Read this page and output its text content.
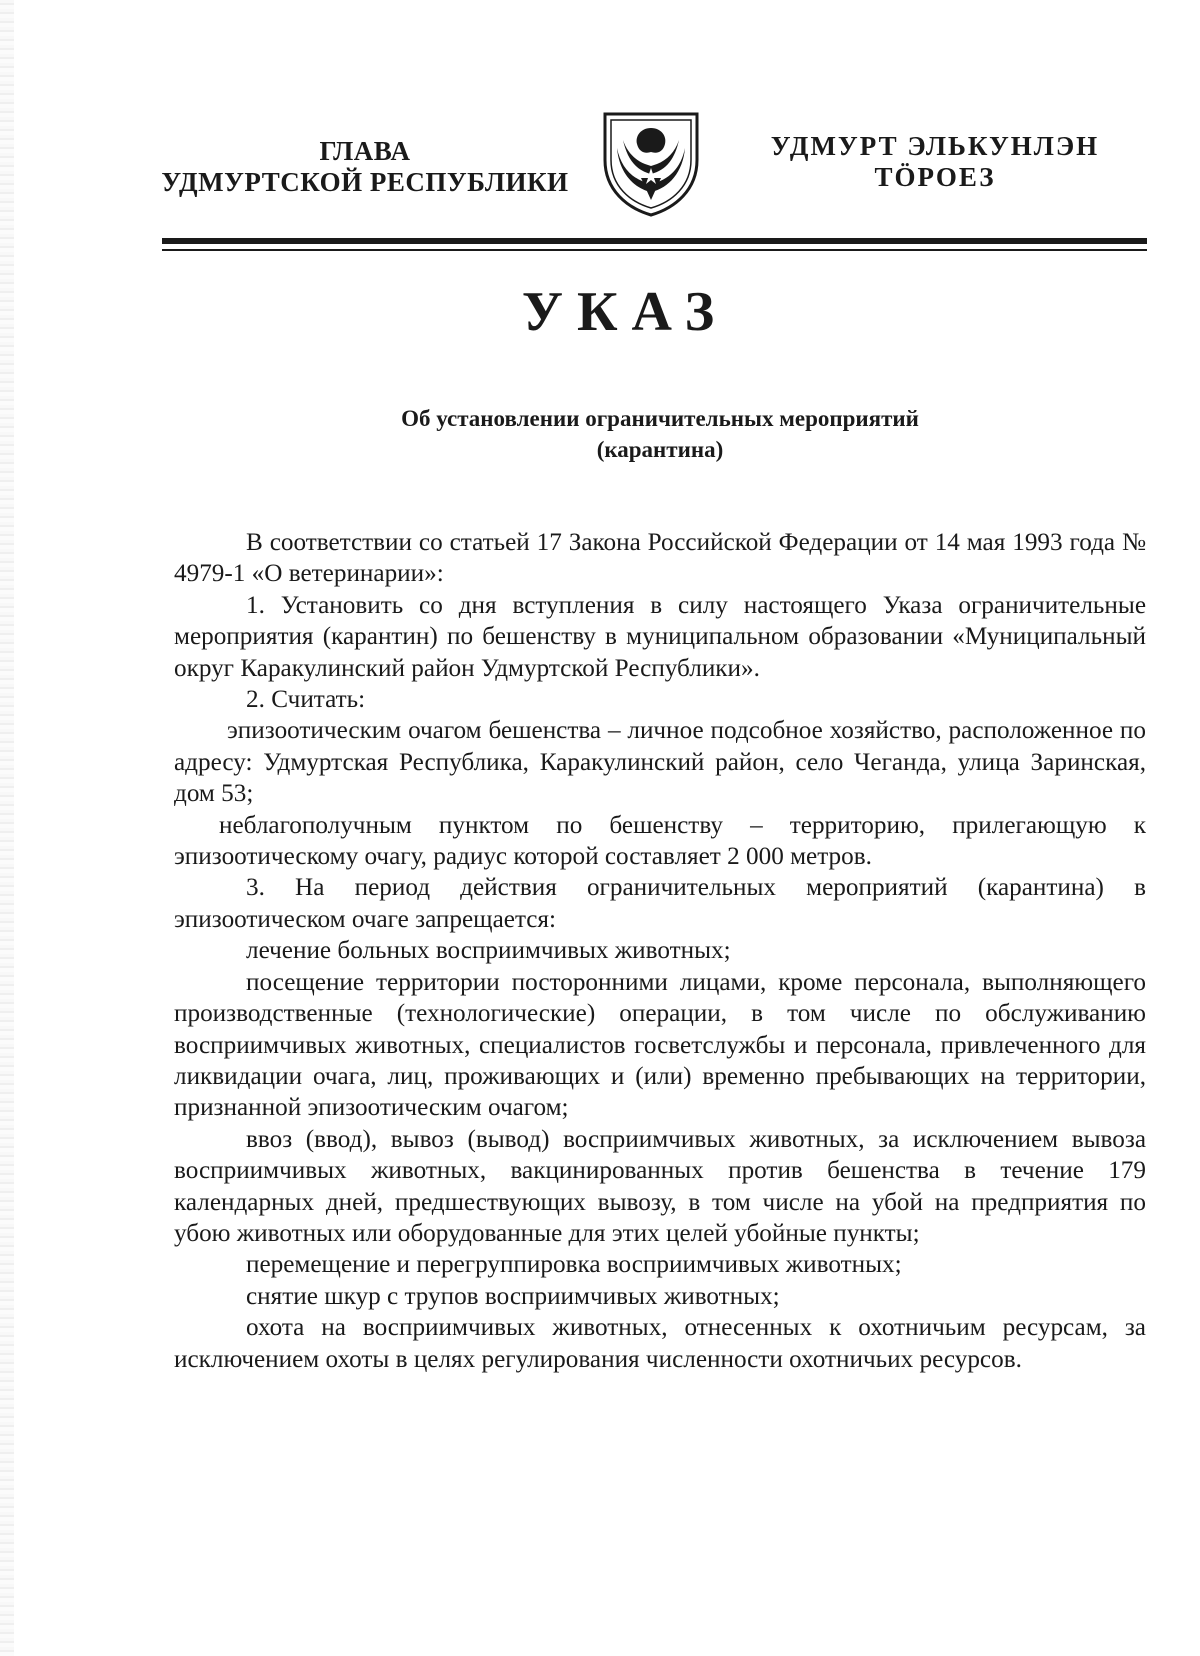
ГЛАВА
УДМУРТСКОЙ РЕСПУБЛИКИ
УДМУРТ ЭЛЬКУНЛЭН
ТӦРОЕЗ
УКАЗ
Об установлении ограничительных мероприятий
(карантина)

В соответствии со статьей 17 Закона Российской Федерации от 14 мая 1993 года № 4979-1 «О ветеринарии»:

1. Установить со дня вступления в силу настоящего Указа ограничительные мероприятия (карантин) по бешенству в муниципальном образовании «Муниципальный округ Каракулинский район Удмуртской Республики».

2. Считать:

эпизоотическим очагом бешенства – личное подсобное хозяйство, расположенное по адресу: Удмуртская Республика, Каракулинский район, село Чеганда, улица Заринская, дом 53;

неблагополучным пунктом по бешенству – территорию, прилегающую к эпизоотическому очагу, радиус которой составляет 2 000 метров.

3. На период действия ограничительных мероприятий (карантина) в эпизоотическом очаге запрещается:

лечение больных восприимчивых животных;

посещение территории посторонними лицами, кроме персонала, выполняющего производственные (технологические) операции, в том числе по обслуживанию восприимчивых животных, специалистов госветслужбы и персонала, привлеченного для ликвидации очага, лиц, проживающих и (или) временно пребывающих на территории, признанной эпизоотическим очагом;

ввоз (ввод), вывоз (вывод) восприимчивых животных, за исключением вывоза восприимчивых животных, вакцинированных против бешенства в течение 179 календарных дней, предшествующих вывозу, в том числе на убой на предприятия по убою животных или оборудованные для этих целей убойные пункты;

перемещение и перегруппировка восприимчивых животных;

снятие шкур с трупов восприимчивых животных;

охота на восприимчивых животных, отнесенных к охотничьим ресурсам, за исключением охоты в целях регулирования численности охотничьих ресурсов.
